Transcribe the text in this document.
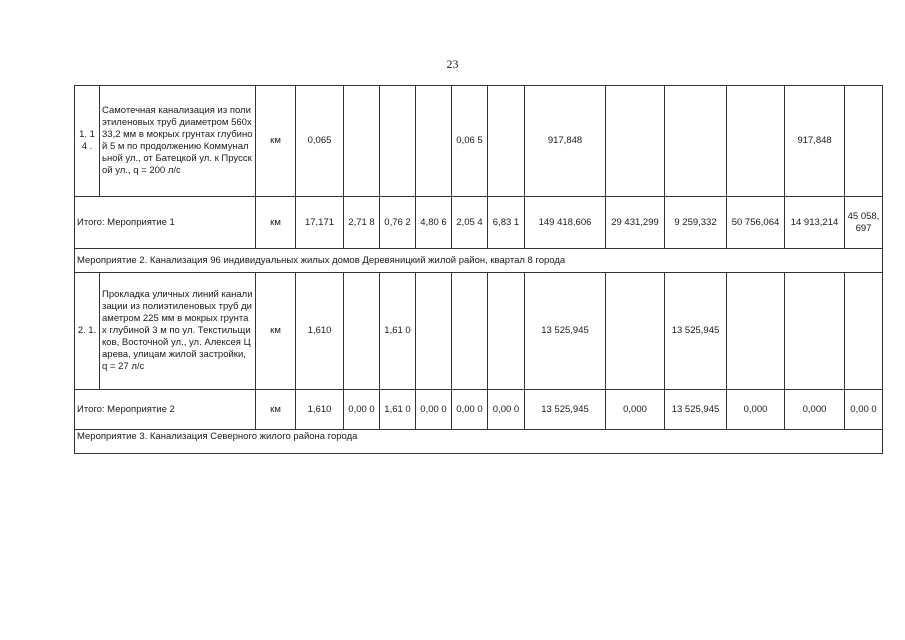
23
1. 14 .	Самотечная канализация из полиэтиленовых труб диаметром 560х33,2 мм в мокрых грунтах глубиной 5 м по продолжению Коммунальной ул., от Батецкой ул. к Прусской ул., q = 200 л/с	км	0,065				0,06 5		917,848				917,848	
Итого: Мероприятие 1		км	17,171	2,71 8	0,76 2	4,80 6	2,05 4	6,83 1	149 418,606	29 431,299	9 259,332	50 756,064	14 913,214	45 058, 697
Мероприятие 2. Канализация 96 индивидуальных жилых домов Деревяницкий жилой район, квартал 8 города														
2. 1.	Прокладка уличных линий канализации из полиэтиленовых труб диаметром 225 мм в мокрых грунтах глубиной 3 м по ул. Текстильщиков, Восточной ул., ул. Алексея Царева, улицам жилой застройки, q = 27 л/с	км	1,610		1,61 0				13 525,945		13 525,945			
Итого: Мероприятие 2		км	1,610	0,00 0	1,61 0	0,00 0	0,00 0	0,00 0	13 525,945	0,000	13 525,945	0,000	0,000	0,00 0
Мероприятие 3. Канализация Северного жилого района города														
